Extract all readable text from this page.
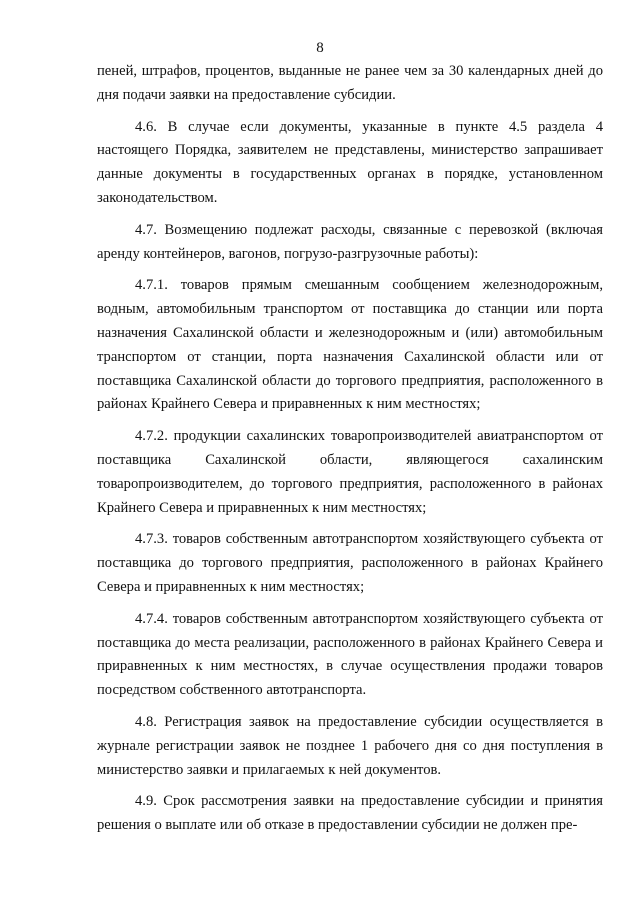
8

пеней, штрафов, процентов, выданные не ранее чем за 30 календарных дней до дня подачи заявки на предоставление субсидии.

4.6. В случае если документы, указанные в пункте 4.5 раздела 4 настоящего Порядка, заявителем не представлены, министерство запрашивает данные документы в государственных органах в порядке, установленном законодательством.

4.7. Возмещению подлежат расходы, связанные с перевозкой (включая аренду контейнеров, вагонов, погрузо-разгрузочные работы):

4.7.1. товаров прямым смешанным сообщением железнодорожным, водным, автомобильным транспортом от поставщика до станции или порта назначения Сахалинской области и железнодорожным и (или) автомобильным транспортом от станции, порта назначения Сахалинской области или от поставщика Сахалинской области до торгового предприятия, расположенного в районах Крайнего Севера и приравненных к ним местностях;

4.7.2. продукции сахалинских товаропроизводителей авиатранспортом от поставщика Сахалинской области, являющегося сахалинским товаропроизводителем, до торгового предприятия, расположенного в районах Крайнего Севера и приравненных к ним местностях;

4.7.3. товаров собственным автотранспортом хозяйствующего субъекта от поставщика до торгового предприятия, расположенного в районах Крайнего Севера и приравненных к ним местностях;

4.7.4. товаров собственным автотранспортом хозяйствующего субъекта от поставщика до места реализации, расположенного в районах Крайнего Севера и приравненных к ним местностях, в случае осуществления продажи товаров посредством собственного автотранспорта.

4.8. Регистрация заявок на предоставление субсидии осуществляется в журнале регистрации заявок не позднее 1 рабочего дня со дня поступления в министерство заявки и прилагаемых к ней документов.

4.9. Срок рассмотрения заявки на предоставление субсидии и принятия решения о выплате или об отказе в предоставлении субсидии не должен пре-
